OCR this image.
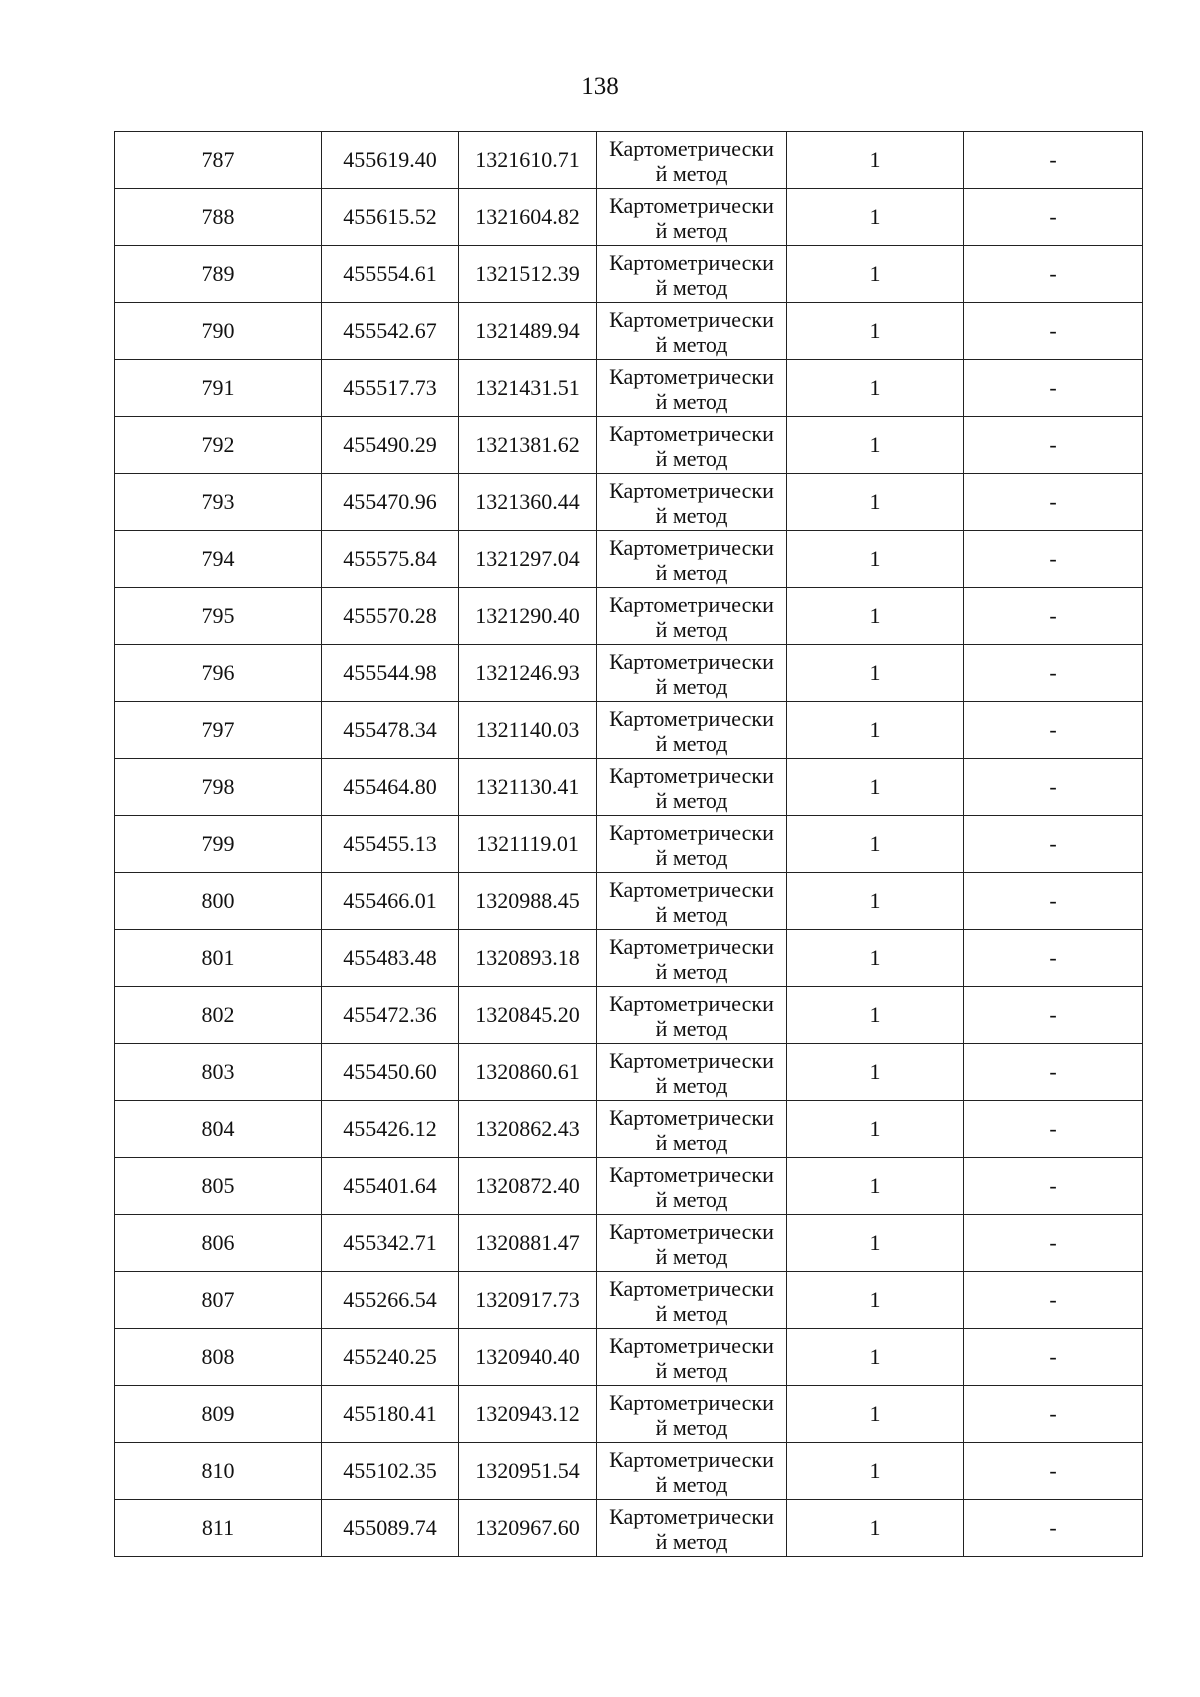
138
787	455619.40	1321610.71	Картометрически
й метод	1	-
788	455615.52	1321604.82	Картометрически
й метод	1	-
789	455554.61	1321512.39	Картометрически
й метод	1	-
790	455542.67	1321489.94	Картометрически
й метод	1	-
791	455517.73	1321431.51	Картометрически
й метод	1	-
792	455490.29	1321381.62	Картометрически
й метод	1	-
793	455470.96	1321360.44	Картометрически
й метод	1	-
794	455575.84	1321297.04	Картометрически
й метод	1	-
795	455570.28	1321290.40	Картометрически
й метод	1	-
796	455544.98	1321246.93	Картометрически
й метод	1	-
797	455478.34	1321140.03	Картометрически
й метод	1	-
798	455464.80	1321130.41	Картометрически
й метод	1	-
799	455455.13	1321119.01	Картометрически
й метод	1	-
800	455466.01	1320988.45	Картометрически
й метод	1	-
801	455483.48	1320893.18	Картометрически
й метод	1	-
802	455472.36	1320845.20	Картометрически
й метод	1	-
803	455450.60	1320860.61	Картометрически
й метод	1	-
804	455426.12	1320862.43	Картометрически
й метод	1	-
805	455401.64	1320872.40	Картометрически
й метод	1	-
806	455342.71	1320881.47	Картометрически
й метод	1	-
807	455266.54	1320917.73	Картометрически
й метод	1	-
808	455240.25	1320940.40	Картометрически
й метод	1	-
809	455180.41	1320943.12	Картометрически
й метод	1	-
810	455102.35	1320951.54	Картометрически
й метод	1	-
811	455089.74	1320967.60	Картометрически
й метод	1	-
